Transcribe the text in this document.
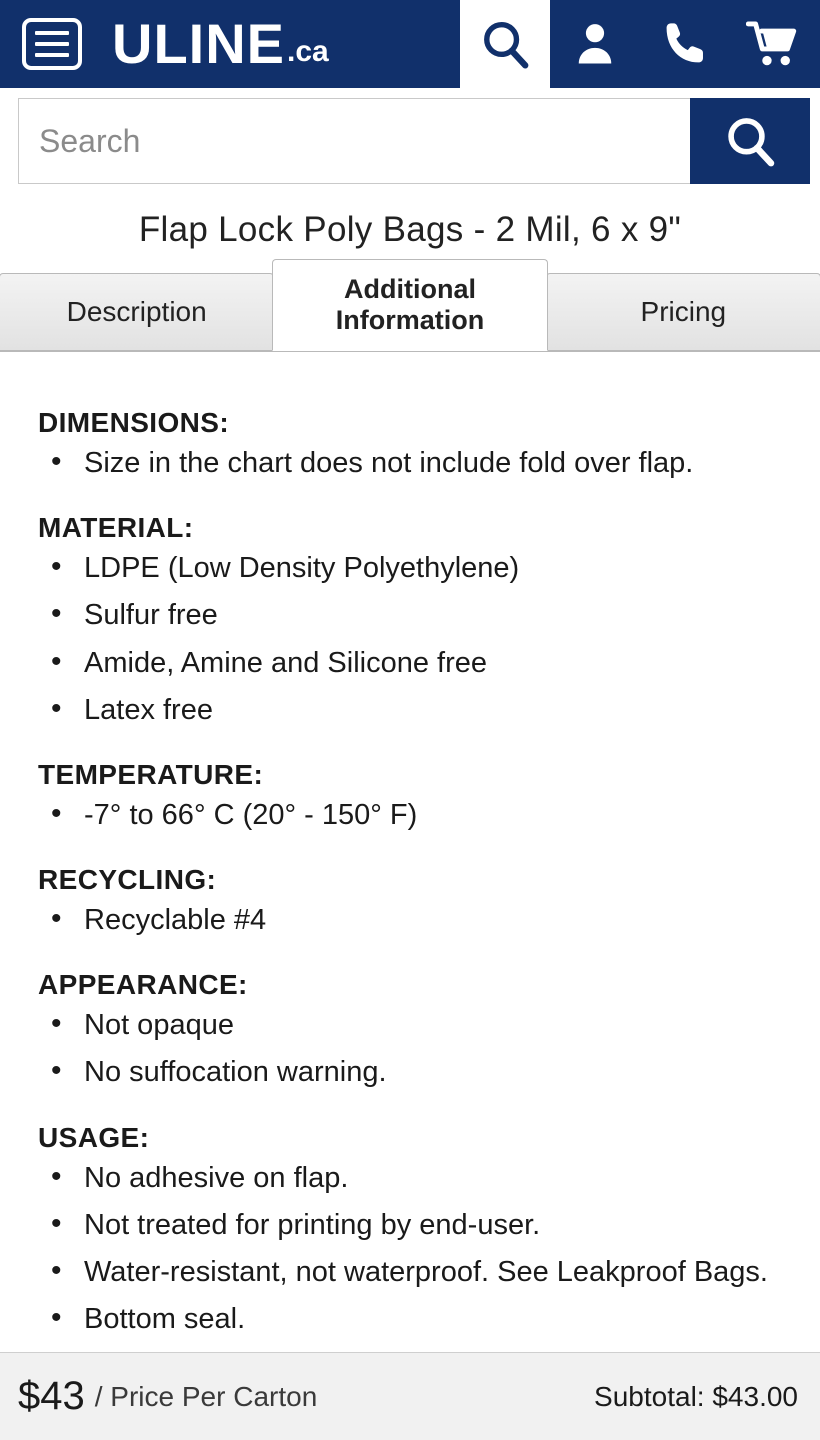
ULINE .ca
Search
Flap Lock Poly Bags - 2 Mil, 6 x 9"
Description
Additional Information	Pricing
DIMENSIONS:
• Size in the chart does not include fold over flap.
MATERIAL:
• LDPE (Low Density Polyethylene)
• Sulfur free
• Amide, Amine and Silicone free
• Latex free
TEMPERATURE:
• -7° to 66° C (20° - 150° F)
RECYCLING:
• Recyclable #4
APPEARANCE:
• Not opaque
• No suffocation warning.
USAGE:
• No adhesive on flap.
• Not treated for printing by end-user.
• Water-resistant, not waterproof. See Leakproof Bags.
• Bottom seal.
•
$43 / Price Per Carton	Subtotal: $43.00
